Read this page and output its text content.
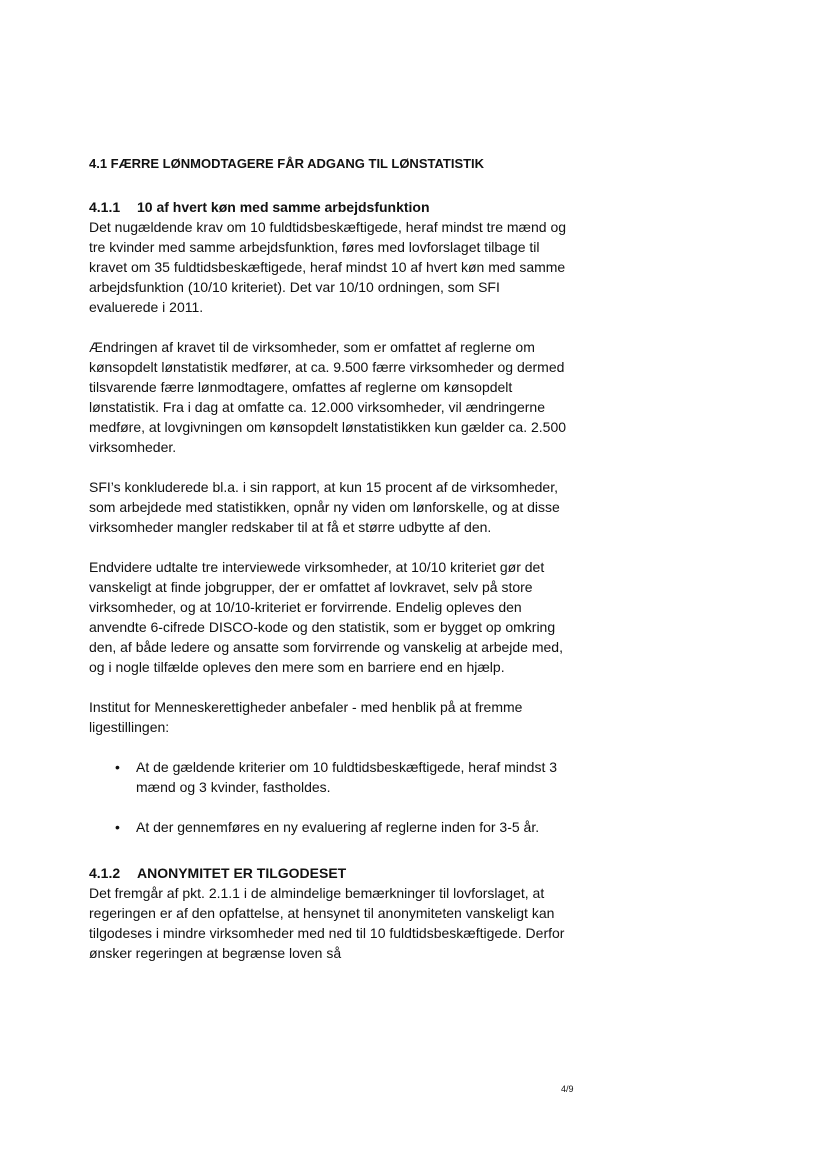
4.1 FÆRRE LØNMODTAGERE FÅR ADGANG TIL LØNSTATISTIK
4.1.1 10 af hvert køn med samme arbejdsfunktion

Det nugældende krav om 10 fuldtidsbeskæftigede, heraf mindst tre mænd og tre kvinder med samme arbejdsfunktion, føres med lovforslaget tilbage til kravet om 35 fuldtidsbeskæftigede, heraf mindst 10 af hvert køn med samme arbejdsfunktion (10/10 kriteriet). Det var 10/10 ordningen, som SFI evaluerede i 2011.

Ændringen af kravet til de virksomheder, som er omfattet af reglerne om kønsopdelt lønstatistik medfører, at ca. 9.500 færre virksomheder og dermed tilsvarende færre lønmodtagere, omfattes af reglerne om kønsopdelt lønstatistik. Fra i dag at omfatte ca. 12.000 virksomheder, vil ændringerne medføre, at lovgivningen om kønsopdelt lønstatistikken kun gælder ca. 2.500 virksomheder.

SFI’s konkluderede bl.a. i sin rapport, at kun 15 procent af de virksomheder, som arbejdede med statistikken, opnår ny viden om lønforskelle, og at disse virksomheder mangler redskaber til at få et større udbytte af den.

Endvidere udtalte tre interviewede virksomheder, at 10/10 kriteriet gør det vanskeligt at finde jobgrupper, der er omfattet af lovkravet, selv på store virksomheder, og at 10/10-kriteriet er forvirrende. Endelig opleves den anvendte 6-cifrede DISCO-kode og den statistik, som er bygget op omkring den, af både ledere og ansatte som forvirrende og vanskelig at arbejde med, og i nogle tilfælde opleves den mere som en barriere end en hjælp.

Institut for Menneskerettigheder anbefaler - med henblik på at fremme ligestillingen:

• At de gældende kriterier om 10 fuldtidsbeskæftigede, heraf mindst 3 mænd og 3 kvinder, fastholdes.
• At der gennemføres en ny evaluering af reglerne inden for 3-5 år.
4.1.2 ANONYMITET ER TILGODESET

Det fremgår af pkt. 2.1.1 i de almindelige bemærkninger til lovforslaget, at regeringen er af den opfattelse, at hensynet til anonymiteten vanskeligt kan tilgodeses i mindre virksomheder med ned til 10 fuldtidsbeskæftigede. Derfor ønsker regeringen at begrænse loven så

4/9
